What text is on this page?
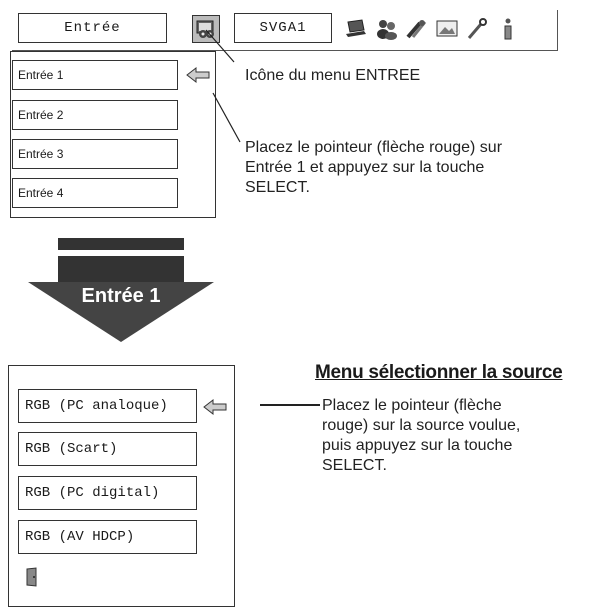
Entrée	SVGA1
Entrée 1
Entrée 2
Entrée 3
Entrée 4
Icône du menu ENTREE
Placez le pointeur (flèche rouge) sur
Entrée 1 et appuyez sur la touche
SELECT.
Entrée 1
RGB (PC analoque)
RGB (Scart)
RGB (PC digital)
RGB (AV HDCP)
Menu sélectionner la source
Placez le pointeur (flèche
rouge) sur la source voulue,
puis appuyez sur la touche
SELECT.
